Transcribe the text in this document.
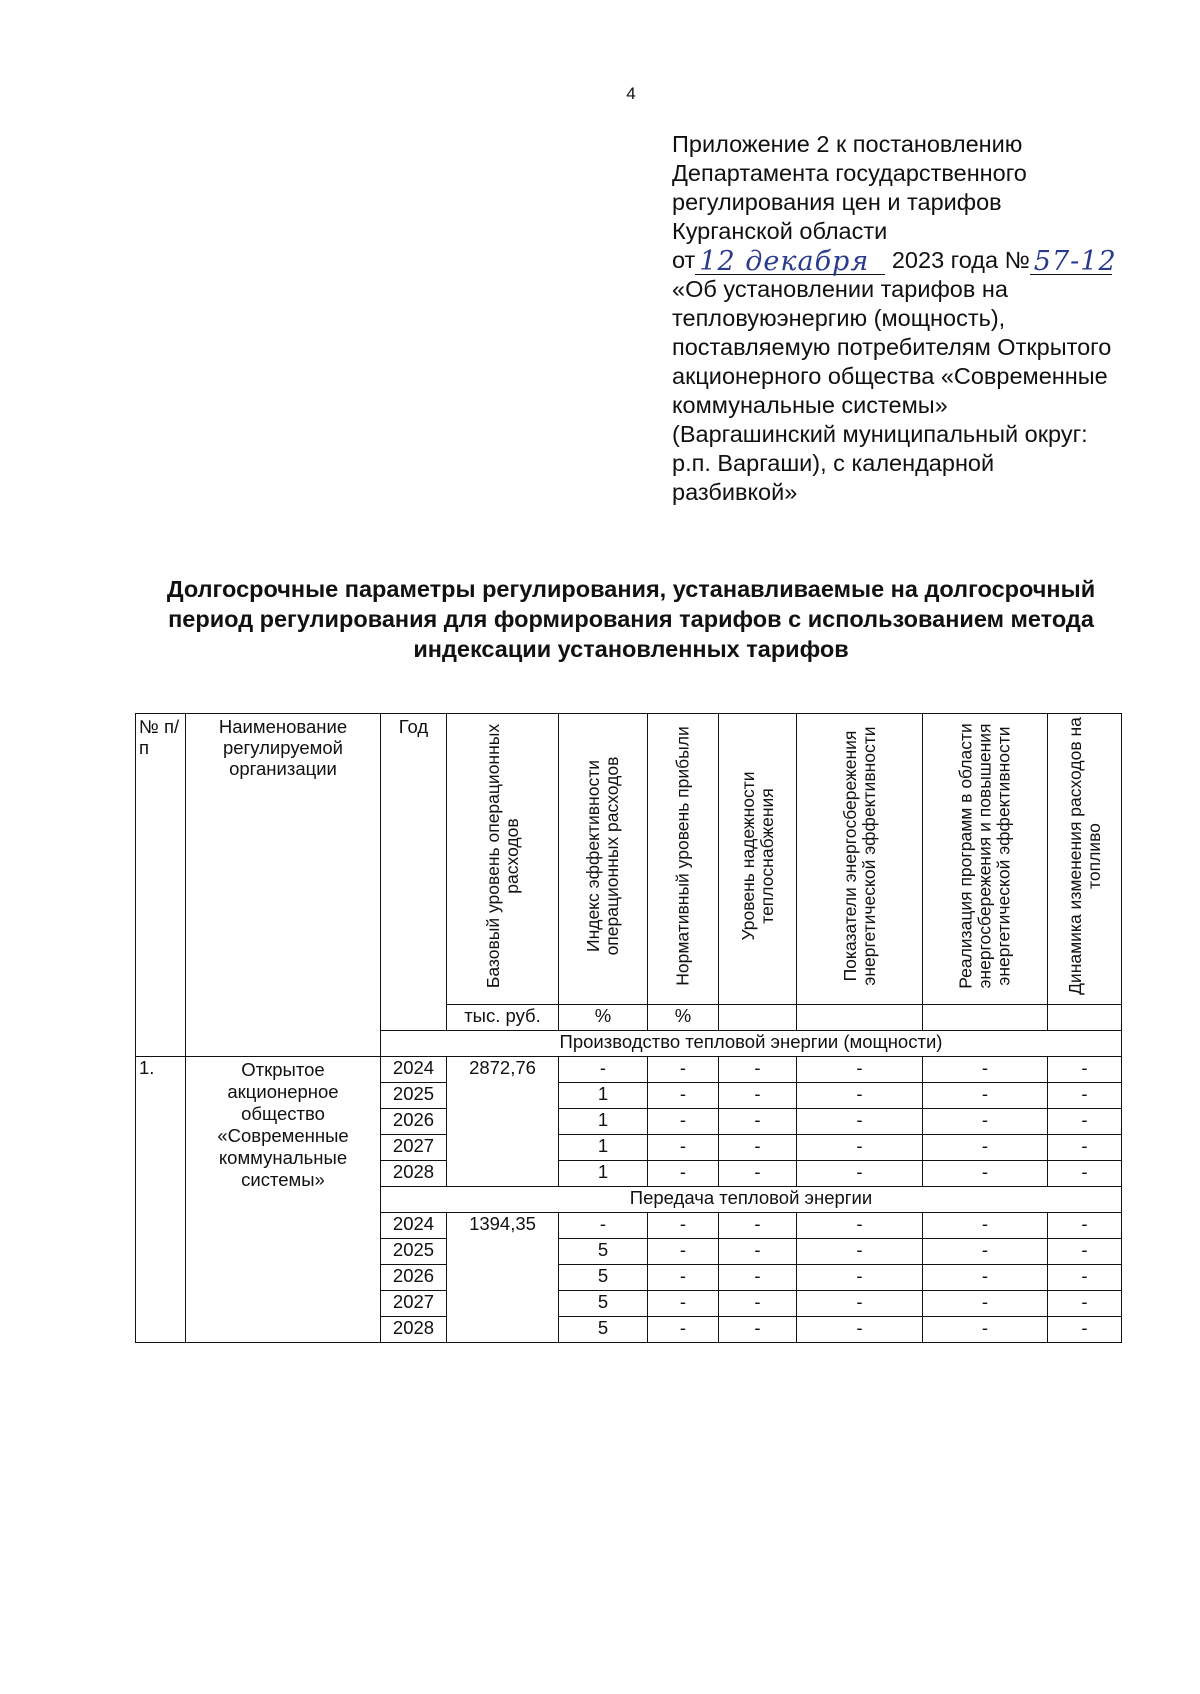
4
Приложение 2 к постановлению
Департамента государственного
регулирования цен и тарифов
Курганской области
от 12 декабря 2023 года № 57-12
«Об установлении тарифов на
тепловуюэнергию (мощность),
поставляемую потребителям Открытого
акционерного общества «Современные
коммунальные системы»
(Варгашинский муниципальный округ:
р.п. Варгаши), с календарной
разбивкой»
Долгосрочные параметры регулирования, устанавливаемые на долгосрочный
период регулирования для формирования тарифов с использованием метода
индексации установленных тарифов
№ п/п	Наименование регулируемой организации	Год	Базовый уровень операционных расходов	Индекс эффективности операционных расходов	Нормативный уровень прибыли	Уровень надежности теплоснабжения	Показатели энергосбережения энергетической эффективности	Реализация программ в области энергосбережения и повышения энергетической эффективности	Динамика изменения расходов на топливо

			тыс. руб.	%	%				
		Производство тепловой энергии (мощности)							
1.	Открытое акционерное общество «Современные коммунальные системы»	2024	2872,76	-	-	-	-	-	-
		2025		1	-	-	-	-	-
		2026		1	-	-	-	-	-
		2027		1	-	-	-	-	-
		2028		1	-	-	-	-	-
		Передача тепловой энергии							
		2024	1394,35	-	-	-	-	-	-
		2025		5	-	-	-	-	-
		2026		5	-	-	-	-	-
		2027		5	-	-	-	-	-
		2028		5	-	-	-	-	-
